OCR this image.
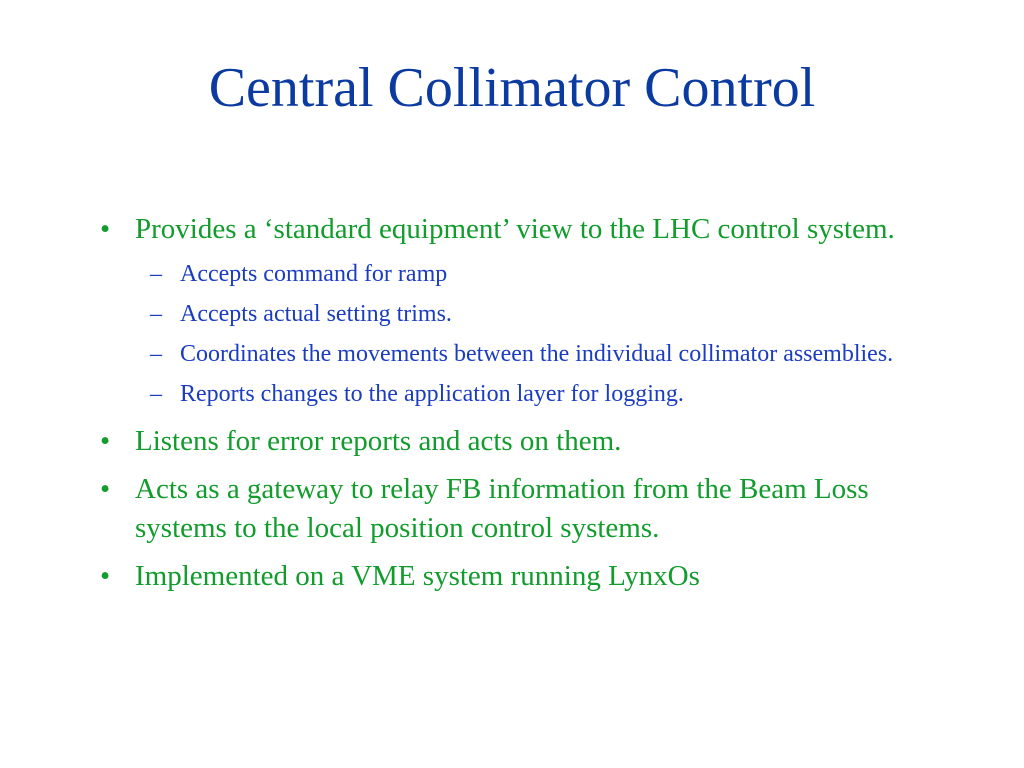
Central Collimator Control
• Provides a ‘standard equipment’ view to the LHC control system.
– Accepts command for ramp
– Accepts actual setting trims.
– Coordinates the movements between the individual collimator assemblies.
– Reports changes to the application layer for logging.
• Listens for error reports and acts on them.
• Acts as a gateway to relay FB information from the Beam Loss systems to the local position control systems.
• Implemented on a VME system running LynxOs
